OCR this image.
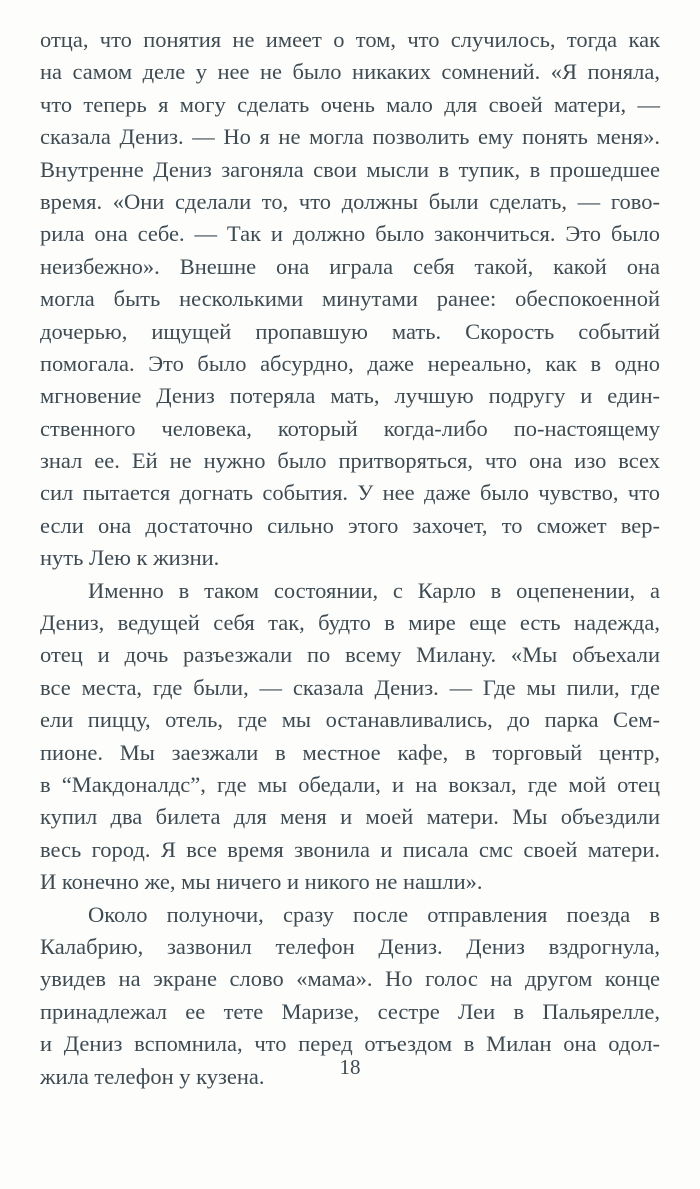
отца, что понятия не имеет о том, что случилось, тогда как
на самом деле у нее не было никаких сомнений. «Я поняла,
что теперь я могу сделать очень мало для своей матери, —
сказала Дениз. — Но я не могла позволить ему понять меня».
Внутренне Дениз загоняла свои мысли в тупик, в прошедшее
время. «Они сделали то, что должны были сделать, — гово-
рила она себе. — Так и должно было закончиться. Это было
неизбежно». Внешне она играла себя такой, какой она
могла быть несколькими минутами ранее: обеспокоенной
дочерью, ищущей пропавшую мать. Скорость событий
помогала. Это было абсурдно, даже нереально, как в одно
мгновение Дениз потеряла мать, лучшую подругу и един-
ственного человека, который когда-либо по-настоящему
знал ее. Ей не нужно было притворяться, что она изо всех
сил пытается догнать события. У нее даже было чувство, что
если она достаточно сильно этого захочет, то сможет вер-
нуть Лею к жизни.
Именно в таком состоянии, с Карло в оцепенении, а
Дениз, ведущей себя так, будто в мире еще есть надежда,
отец и дочь разъезжали по всему Милану. «Мы объехали
все места, где были, — сказала Дениз. — Где мы пили, где
ели пиццу, отель, где мы останавливались, до парка Сем-
пионе. Мы заезжали в местное кафе, в торговый центр,
в “Макдоналдс”, где мы обедали, и на вокзал, где мой отец
купил два билета для меня и моей матери. Мы объездили
весь город. Я все время звонила и писала смс своей матери.
И конечно же, мы ничего и никого не нашли».
Около полуночи, сразу после отправления поезда в
Калабрию, зазвонил телефон Дениз. Дениз вздрогнула,
увидев на экране слово «мама». Но голос на другом конце
принадлежал ее тете Маризе, сестре Леи в Пальярелле,
и Дениз вспомнила, что перед отъездом в Милан она одол-
жила телефон у кузена.	18
